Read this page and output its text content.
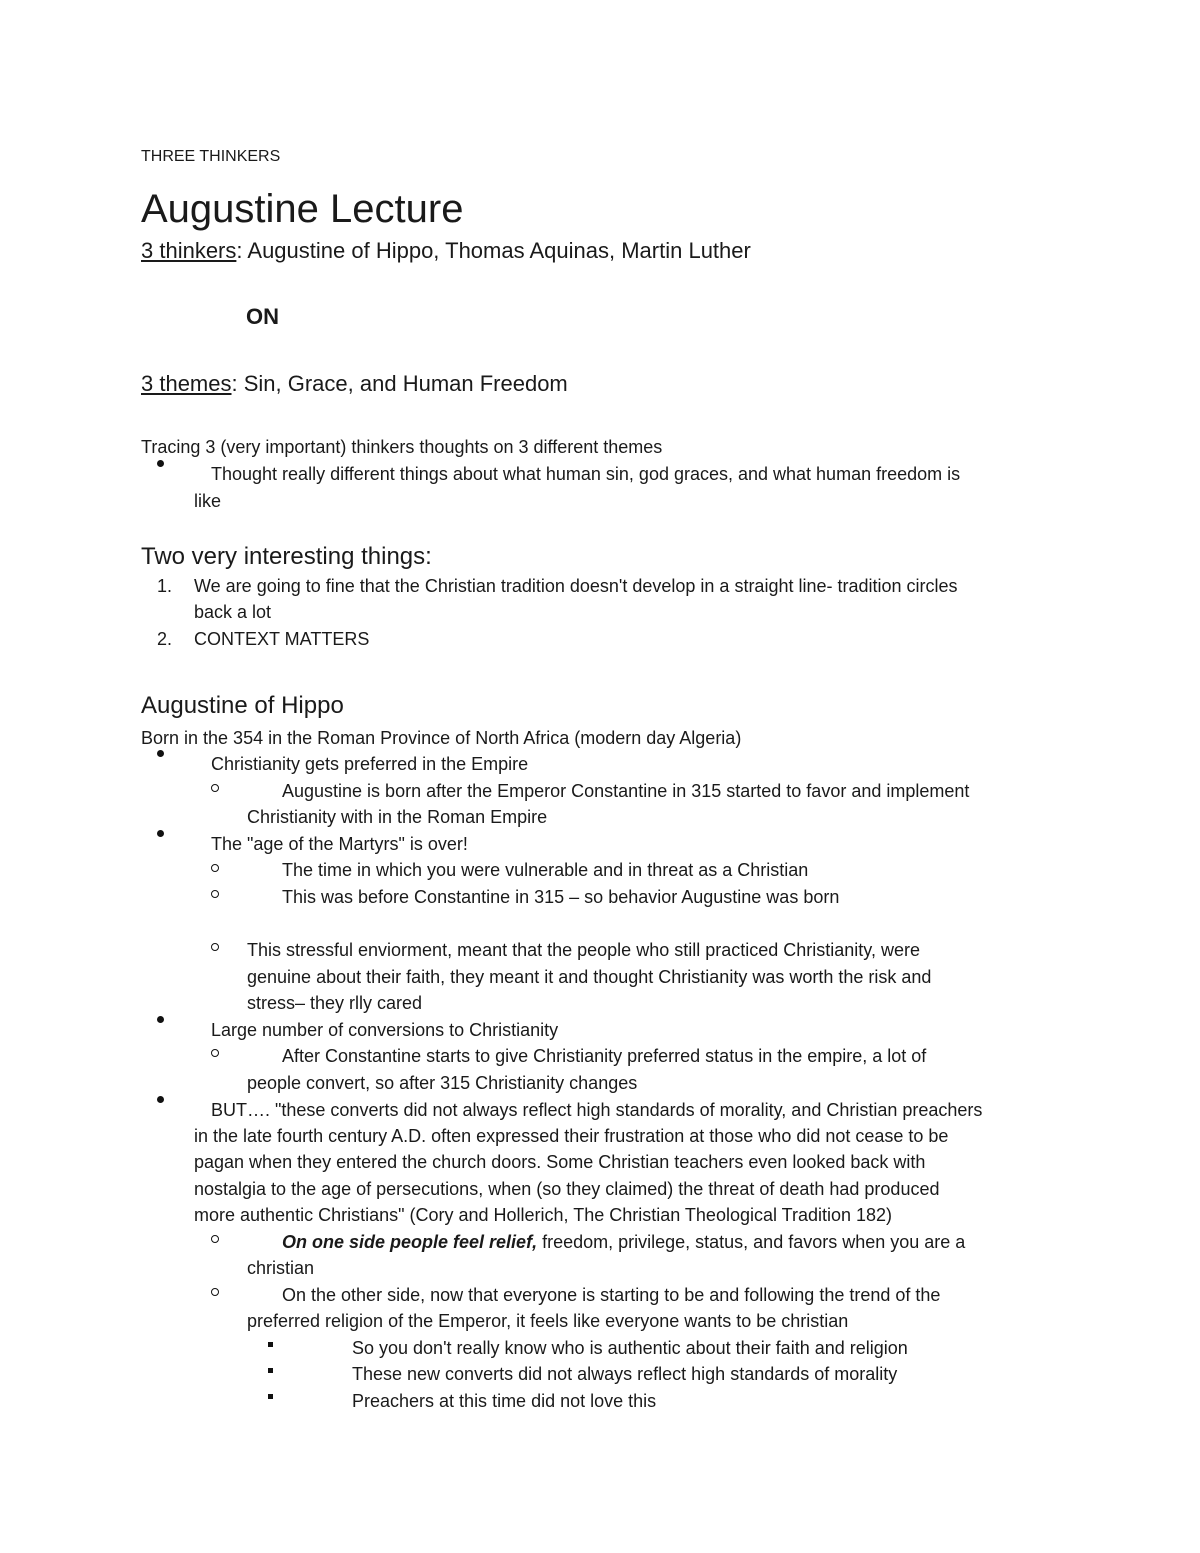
THREE THINKERS
Augustine Lecture
3 thinkers: Augustine of Hippo, Thomas Aquinas, Martin Luther
ON
3 themes: Sin, Grace, and Human Freedom
Tracing 3 (very important) thinkers thoughts on 3 different themes
Thought really different things about what human sin, god graces, and what human freedom is
like
Two very interesting things:
1. We are going to fine that the Christian tradition doesn't develop in a straight line- tradition circles
back a lot
2. CONTEXT MATTERS
Augustine of Hippo
Born in the 354 in the Roman Province of North Africa (modern day Algeria)
Christianity gets preferred in the Empire
Augustine is born after the Emperor Constantine in 315 started to favor and implement
Christianity with in the Roman Empire
The "age of the Martyrs" is over!
The time in which you were vulnerable and in threat as a Christian
This was before Constantine in 315 – so behavior Augustine was born
This stressful enviorment, meant that the people who still practiced Christianity, were
genuine about their faith, they meant it and thought Christianity was worth the risk and
stress– they rlly cared
Large number of conversions to Christianity
After Constantine starts to give Christianity preferred status in the empire, a lot of
people convert, so after 315 Christianity changes
BUT…. "these converts did not always reflect high standards of morality, and Christian preachers
in the late fourth century A.D. often expressed their frustration at those who did not cease to be
pagan when they entered the church doors. Some Christian teachers even looked back with
nostalgia to the age of persecutions, when (so they claimed) the threat of death had produced
more authentic Christians" (Cory and Hollerich, The Christian Theological Tradition 182)
On one side people feel relief, freedom, privilege, status, and favors when you are a
christian
On the other side, now that everyone is starting to be and following the trend of the
preferred religion of the Emperor, it feels like everyone wants to be christian
So you don't really know who is authentic about their faith and religion
These new converts did not always reflect high standards of morality
Preachers at this time did not love this
